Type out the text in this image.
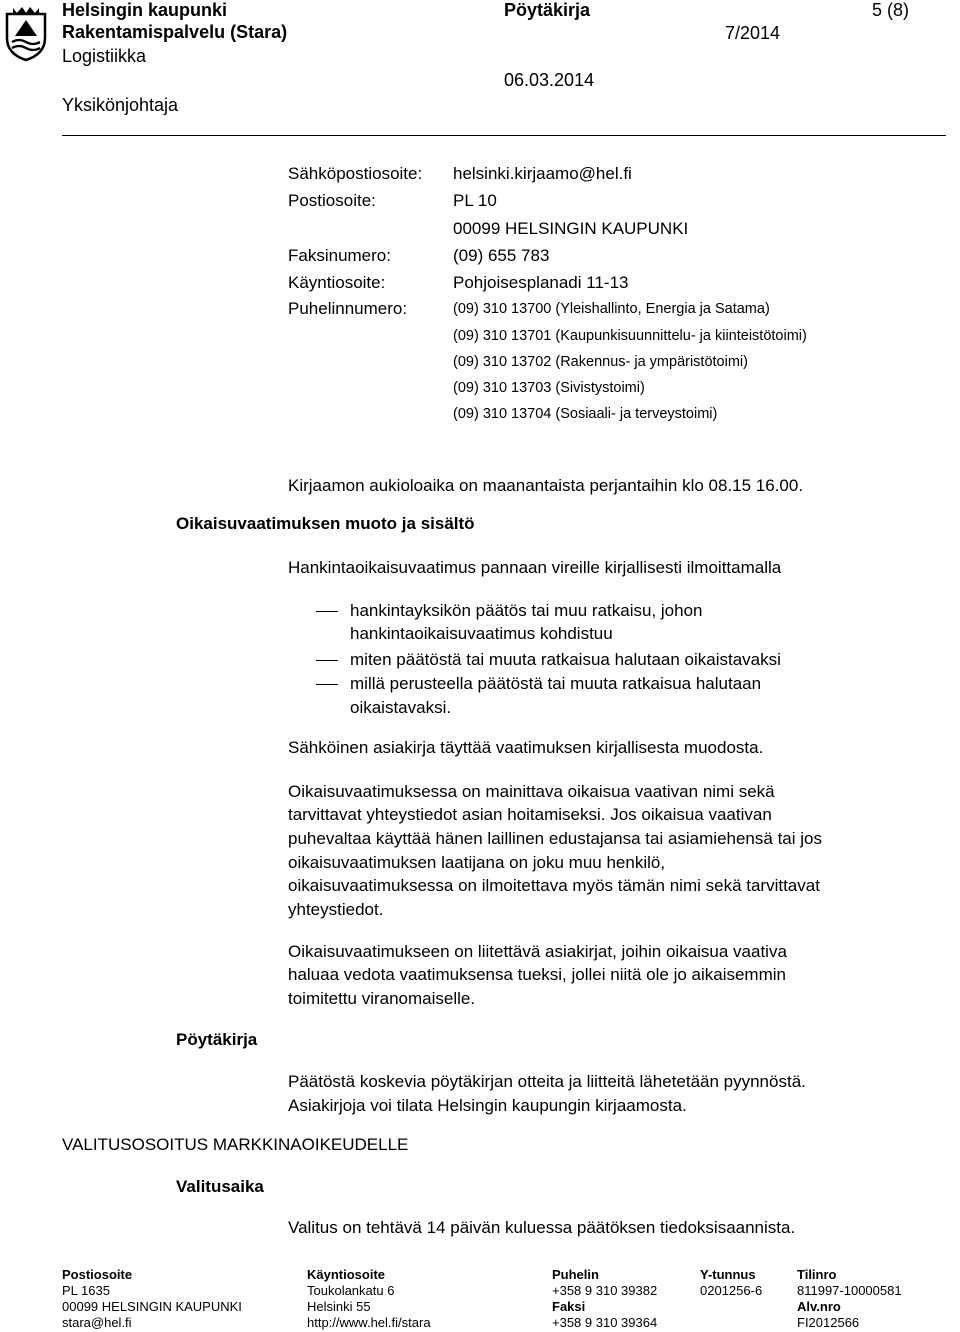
Helsingin kaupunki
Rakentamispalvelu (Stara)
Logistiikka
Yksikönjohtaja
Pöytäkirja
7/2014
06.03.2014
5 (8)
Sähköpostiosoite: helsinki.kirjaamo@hel.fi
Postiosoite:	PL 10
00099 HELSINGIN KAUPUNKI
Faksinumero:	(09) 655 783
Käyntiosoite:	Pohjoisesplanadi 11-13
Puhelinnumero:	(09) 310 13700 (Yleishallinto, Energia ja Satama)
(09) 310 13701 (Kaupunkisuunnittelu- ja kiinteistötoimi)
(09) 310 13702 (Rakennus- ja ympäristötoimi)
(09) 310 13703 (Sivistystoimi)
(09) 310 13704 (Sosiaali- ja terveystoimi)
Kirjaamon aukioloaika on maanantaista perjantaihin klo 08.15 16.00.
Oikaisuvaatimuksen muoto ja sisältö
Hankintaoikaisuvaatimus pannaan vireille kirjallisesti ilmoittamalla
hankintayksikön päätös tai muu ratkaisu, johon
hankintaoikaisuvaatimus kohdistuu
miten päätöstä tai muuta ratkaisua halutaan oikaistavaksi
millä perusteella päätöstä tai muuta ratkaisua halutaan
oikaistavaksi.
Sähköinen asiakirja täyttää vaatimuksen kirjallisesta muodosta.
Oikaisuvaatimuksessa on mainittava oikaisua vaativan nimi sekä
tarvittavat yhteystiedot asian hoitamiseksi. Jos oikaisua vaativan
puhevaltaa käyttää hänen laillinen edustajansa tai asiamiehensä tai jos
oikaisuvaatimuksen laatijana on joku muu henkilö,
oikaisuvaatimuksessa on ilmoitettava myös tämän nimi sekä tarvittavat
yhteystiedot.
Oikaisuvaatimukseen on liitettävä asiakirjat, joihin oikaisua vaativa
haluaa vedota vaatimuksensa tueksi, jollei niitä ole jo aikaisemmin
toimitettu viranomaiselle.
Pöytäkirja
Päätöstä koskevia pöytäkirjan otteita ja liitteitä lähetetään pyynnöstä.
Asiakirjoja voi tilata Helsingin kaupungin kirjaamosta.
VALITUSOSOITUS MARKKINAOIKEUDELLE
Valitusaika
Valitus on tehtävä 14 päivän kuluessa päätöksen tiedoksisaannista.
Postiosoite
PL 1635
00099 HELSINGIN KAUPUNKI
stara@hel.fi
Käyntiosoite
Toukolankatu 6
Helsinki 55
http://www.hel.fi/stara
Puhelin
+358 9 310 39382
Faksi
+358 9 310 39364
Y-tunnus
0201256-6
Tilinro
811997-10000581
Alv.nro
FI2012566
